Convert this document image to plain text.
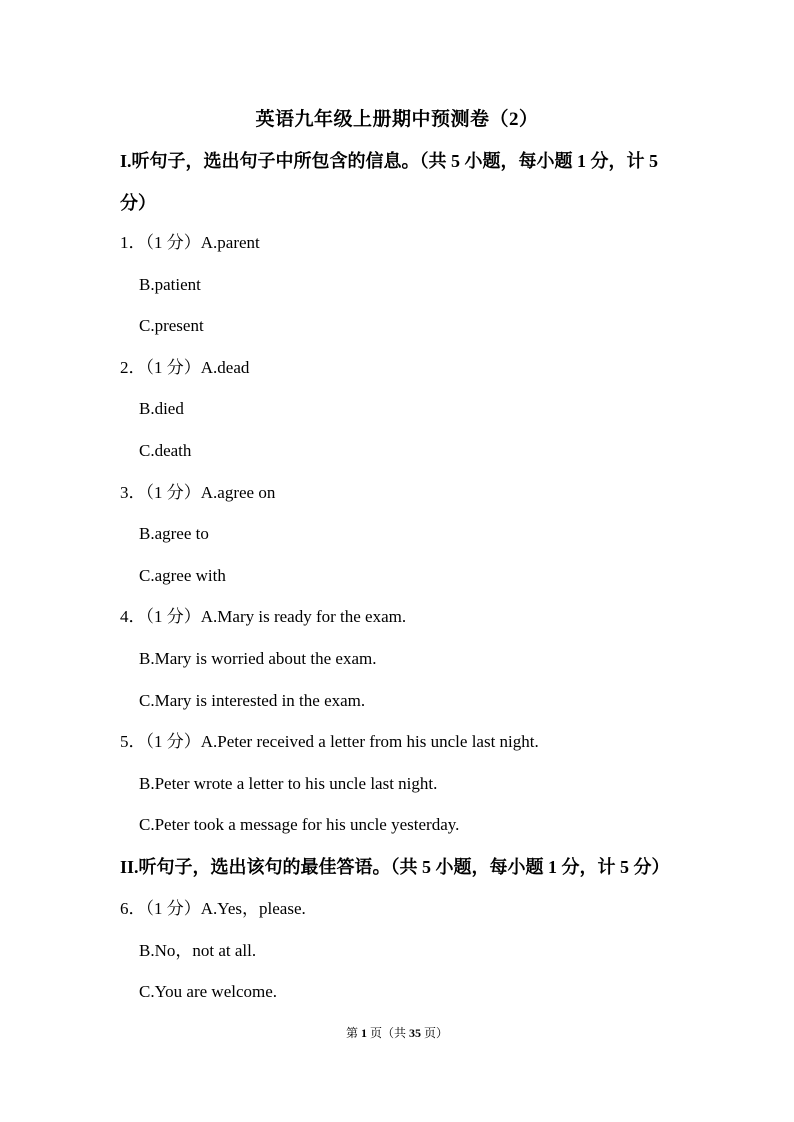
英语九年级上册期中预测卷（2）
I.听句子，选出句子中所包含的信息。（共 5 小题，每小题 1 分，计 5
分）
1．（1 分）A.parent
B.patient
C.present
2．（1 分）A.dead
B.died
C.death
3．（1 分）A.agree on
B.agree to
C.agree with
4．（1 分）A.Mary is ready for the exam.
B.Mary is worried about the exam.
C.Mary is interested in the exam.
5．（1 分）A.Peter received a letter from his uncle last night.
B.Peter wrote a letter to his uncle last night.
C.Peter took a message for his uncle yesterday.
II.听句子，选出该句的最佳答语。（共 5 小题，每小题 1 分，计 5 分）
6．（1 分）A.Yes，please.
B.No，not at all.
C.You are welcome.
第 1 页（共 35 页）
